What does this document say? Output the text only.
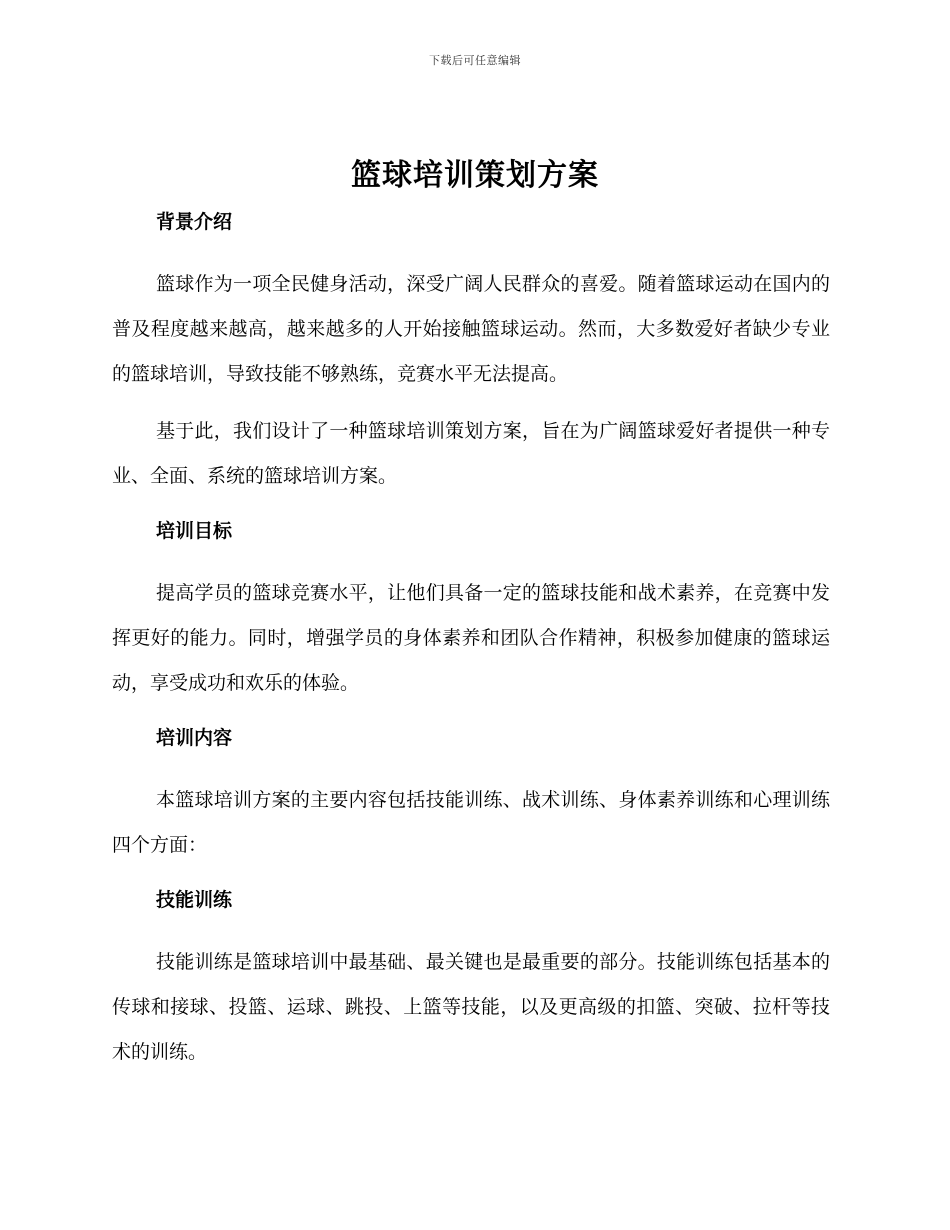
下载后可任意编辑
篮球培训策划方案
背景介绍

篮球作为一项全民健身活动，深受广阔人民群众的喜爱。随着篮球运动在国内的普及程度越来越高，越来越多的人开始接触篮球运动。然而，大多数爱好者缺少专业的篮球培训，导致技能不够熟练，竞赛水平无法提高。

基于此，我们设计了一种篮球培训策划方案，旨在为广阔篮球爱好者提供一种专业、全面、系统的篮球培训方案。

培训目标

提高学员的篮球竞赛水平，让他们具备一定的篮球技能和战术素养，在竞赛中发挥更好的能力。同时，增强学员的身体素养和团队合作精神，积极参加健康的篮球运动，享受成功和欢乐的体验。

培训内容

本篮球培训方案的主要内容包括技能训练、战术训练、身体素养训练和心理训练四个方面：

技能训练

技能训练是篮球培训中最基础、最关键也是最重要的部分。技能训练包括基本的传球和接球、投篮、运球、跳投、上篮等技能，以及更高级的扣篮、突破、拉杆等技术的训练。
